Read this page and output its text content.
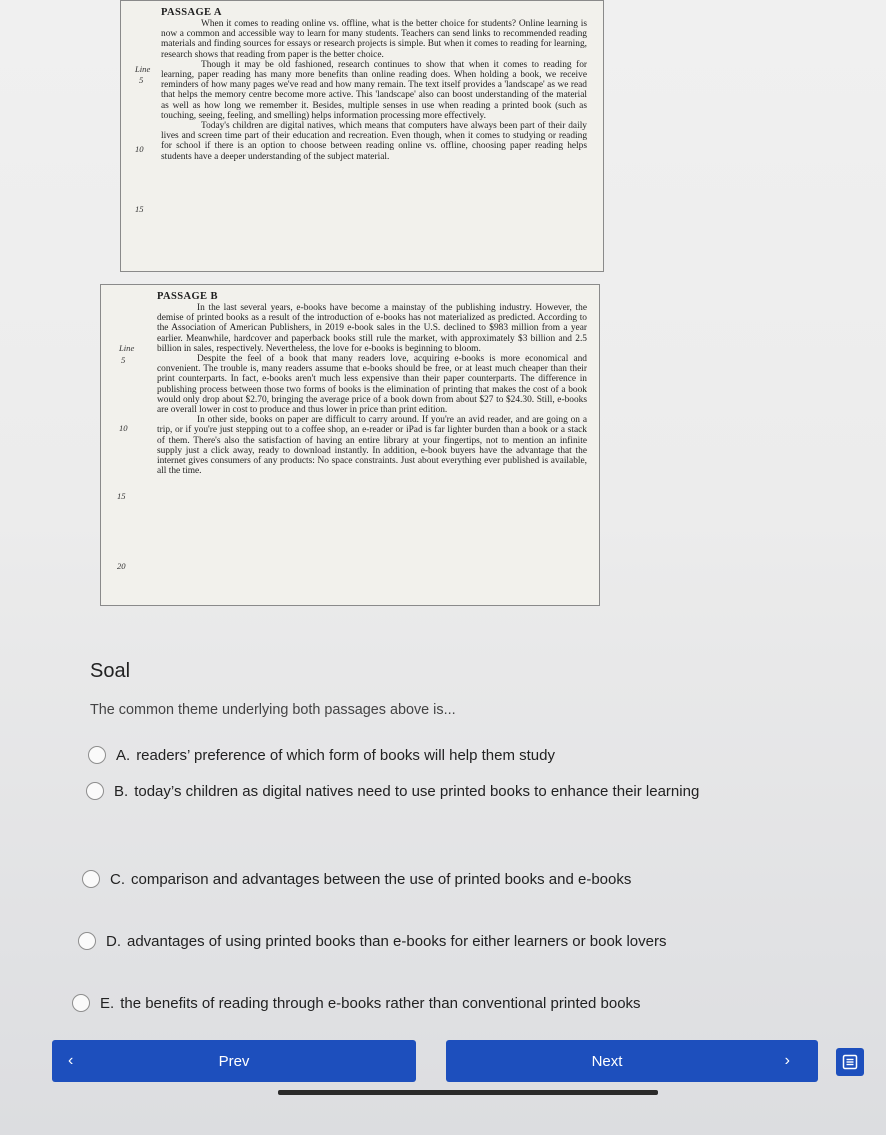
PASSAGE A

When it comes to reading online vs. offline, what is the better choice for students? Online learning is now a common and accessible way to learn for many students. Teachers can send links to recommended reading materials and finding sources for essays or research projects is simple. But when it comes to reading for learning, research shows that reading from paper is the better choice.

Though it may be old fashioned, research continues to show that when it comes to reading for learning, paper reading has many more benefits than online reading does. When holding a book, we receive reminders of how many pages we've read and how many remain. The text itself provides a 'landscape' as we read that helps the memory centre become more active. This 'landscape' also can boost understanding of the material as well as how long we remember it. Besides, multiple senses in use when reading a printed book (such as touching, seeing, feeling, and smelling) helps information processing more effectively.

Today's children are digital natives, which means that computers have always been part of their daily lives and screen time part of their education and recreation. Even though, when it comes to studying or reading for school if there is an option to choose between reading online vs. offline, choosing paper reading helps students have a deeper understanding of the subject material.

Line
5
10
15
PASSAGE B

In the last several years, e-books have become a mainstay of the publishing industry. However, the demise of printed books as a result of the introduction of e-books has not materialized as predicted. According to the Association of American Publishers, in 2019 e-book sales in the U.S. declined to $983 million from a year earlier. Meanwhile, hardcover and paperback books still rule the market, with approximately $3 billion and 2.5 billion in sales, respectively. Nevertheless, the love for e-books is beginning to bloom.

Despite the feel of a book that many readers love, acquiring e-books is more economical and convenient. The trouble is, many readers assume that e-books should be free, or at least much cheaper than their print counterparts. In fact, e-books aren't much less expensive than their paper counterparts. The difference in publishing process between those two forms of books is the elimination of printing that makes the cost of a book would only drop about $2.70, bringing the average price of a book down from about $27 to $24.30. Still, e-books are overall lower in cost to produce and thus lower in price than print edition.

In other side, books on paper are difficult to carry around. If you're an avid reader, and are going on a trip, or if you're just stepping out to a coffee shop, an e-reader or iPad is far lighter burden than a book or a stack of them. There's also the satisfaction of having an entire library at your fingertips, not to mention an infinite supply just a click away, ready to download instantly. In addition, e-book buyers have the advantage that the internet gives consumers of any products: No space constraints. Just about everything ever published is available, all the time.

Line
5
10
15
20
Soal
The common theme underlying both passages above is...
A. readers’ preference of which form of books will help them study
B. today’s children as digital natives need to use printed books to enhance their learning
C. comparison and advantages between the use of printed books and e-books
D. advantages of using printed books than e-books for either learners or book lovers
E. the benefits of reading through e-books rather than conventional printed books
‹	Prev	Next	›
